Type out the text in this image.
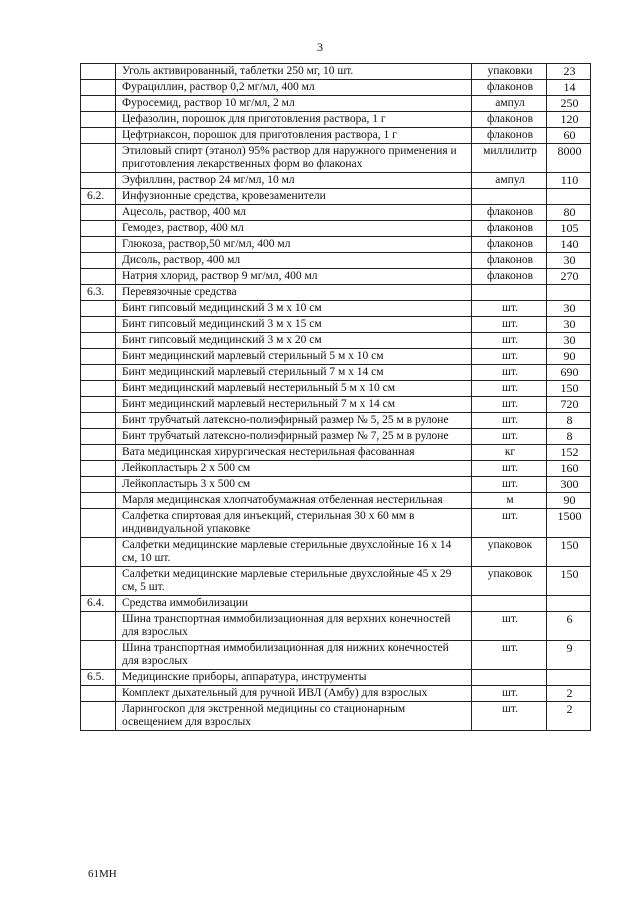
3
	Уголь активированный, таблетки 250 мг, 10 шт.	упаковки	23
	Фурациллин, раствор 0,2 мг/мл, 400 мл	флаконов	14
	Фуросемид, раствор 10 мг/мл, 2 мл	ампул	250
	Цефазолин, порошок для приготовления раствора, 1 г	флаконов	120
	Цефтриаксон, порошок для приготовления раствора, 1 г	флаконов	60
	Этиловый спирт (этанол) 95% раствор для наружного применения и приготовления лекарственных форм во флаконах	миллилитр	8000
	Эуфиллин, раствор 24 мг/мл, 10 мл	ампул	110
6.2.	Инфузионные средства, кровезаменители		
	Ацесоль, раствор, 400 мл	флаконов	80
	Гемодез, раствор, 400 мл	флаконов	105
	Глюкоза, раствор,50 мг/мл, 400 мл	флаконов	140
	Дисоль, раствор, 400 мл	флаконов	30
	Натрия хлорид, раствор 9 мг/мл, 400 мл	флаконов	270
6.3.	Перевязочные средства		
	Бинт гипсовый медицинский 3 м х 10 см	шт.	30
	Бинт гипсовый медицинский 3 м х 15 см	шт.	30
	Бинт гипсовый медицинский 3 м х 20 см	шт.	30
	Бинт медицинский марлевый стерильный 5 м х 10 см	шт.	90
	Бинт медицинский марлевый стерильный 7 м х 14 см	шт.	690
	Бинт медицинский марлевый нестерильный 5 м х 10 см	шт.	150
	Бинт медицинский марлевый нестерильный 7 м х 14 см	шт.	720
	Бинт трубчатый латексно-полиэфирный размер № 5, 25 м в рулоне	шт.	8
	Бинт трубчатый латексно-полиэфирный размер № 7, 25 м в рулоне	шт.	8
	Вата медицинская хирургическая нестерильная фасованная	кг	152
	Лейкопластырь 2 х 500 см	шт.	160
	Лейкопластырь 3 х 500 см	шт.	300
	Марля медицинская хлопчатобумажная отбеленная нестерильная	м	90
	Салфетка спиртовая для инъекций, стерильная 30 х 60 мм в индивидуальной упаковке	шт.	1500
	Салфетки медицинские марлевые стерильные двухслойные 16 х 14 см, 10 шт.	упаковок	150
	Салфетки медицинские марлевые стерильные двухслойные 45 х 29 см, 5 шт.	упаковок	150
6.4.	Средства иммобилизации		
	Шина транспортная иммобилизационная для верхних конечностей для взрослых	шт.	6
	Шина транспортная иммобилизационная для нижних конечностей для взрослых	шт.	9
6.5.	Медицинские приборы, аппаратура, инструменты		
	Комплект дыхательный для ручной ИВЛ (Амбу) для взрослых	шт.	2
	Ларингоскоп для экстренной медицины со стационарным освещением для взрослых	шт.	2
61MH
